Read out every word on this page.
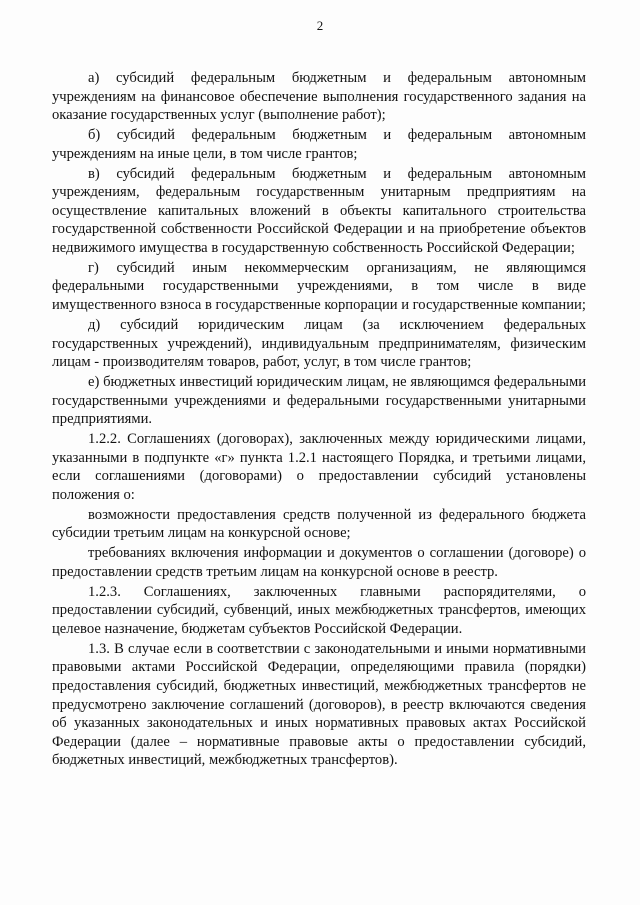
2

а) субсидий федеральным бюджетным и федеральным автономным учреждениям на финансовое обеспечение выполнения государственного задания на оказание государственных услуг (выполнение работ);

б) субсидий федеральным бюджетным и федеральным автономным учреждениям на иные цели, в том числе грантов;

в) субсидий федеральным бюджетным и федеральным автономным учреждениям, федеральным государственным унитарным предприятиям на осуществление капитальных вложений в объекты капитального строительства государственной собственности Российской Федерации и на приобретение объектов недвижимого имущества в государственную собственность Российской Федерации;

г) субсидий иным некоммерческим организациям, не являющимся федеральными государственными учреждениями, в том числе в виде имущественного взноса в государственные корпорации и государственные компании;

д) субсидий юридическим лицам (за исключением федеральных государственных учреждений), индивидуальным предпринимателям, физическим лицам - производителям товаров, работ, услуг, в том числе грантов;

е) бюджетных инвестиций юридическим лицам, не являющимся федеральными государственными учреждениями и федеральными государственными унитарными предприятиями.

1.2.2. Соглашениях (договорах), заключенных между юридическими лицами, указанными в подпункте «г» пункта 1.2.1 настоящего Порядка, и третьими лицами, если соглашениями (договорами) о предоставлении субсидий установлены положения о:

возможности предоставления средств полученной из федерального бюджета субсидии третьим лицам на конкурсной основе;

требованиях включения информации и документов о соглашении (договоре) о предоставлении средств третьим лицам на конкурсной основе в реестр.

1.2.3. Соглашениях, заключенных главными распорядителями, о предоставлении субсидий, субвенций, иных межбюджетных трансфертов, имеющих целевое назначение, бюджетам субъектов Российской Федерации.

1.3. В случае если в соответствии с законодательными и иными нормативными правовыми актами Российской Федерации, определяющими правила (порядки) предоставления субсидий, бюджетных инвестиций, межбюджетных трансфертов не предусмотрено заключение соглашений (договоров), в реестр включаются сведения об указанных законодательных и иных нормативных правовых актах Российской Федерации (далее – нормативные правовые акты о предоставлении субсидий, бюджетных инвестиций, межбюджетных трансфертов).
